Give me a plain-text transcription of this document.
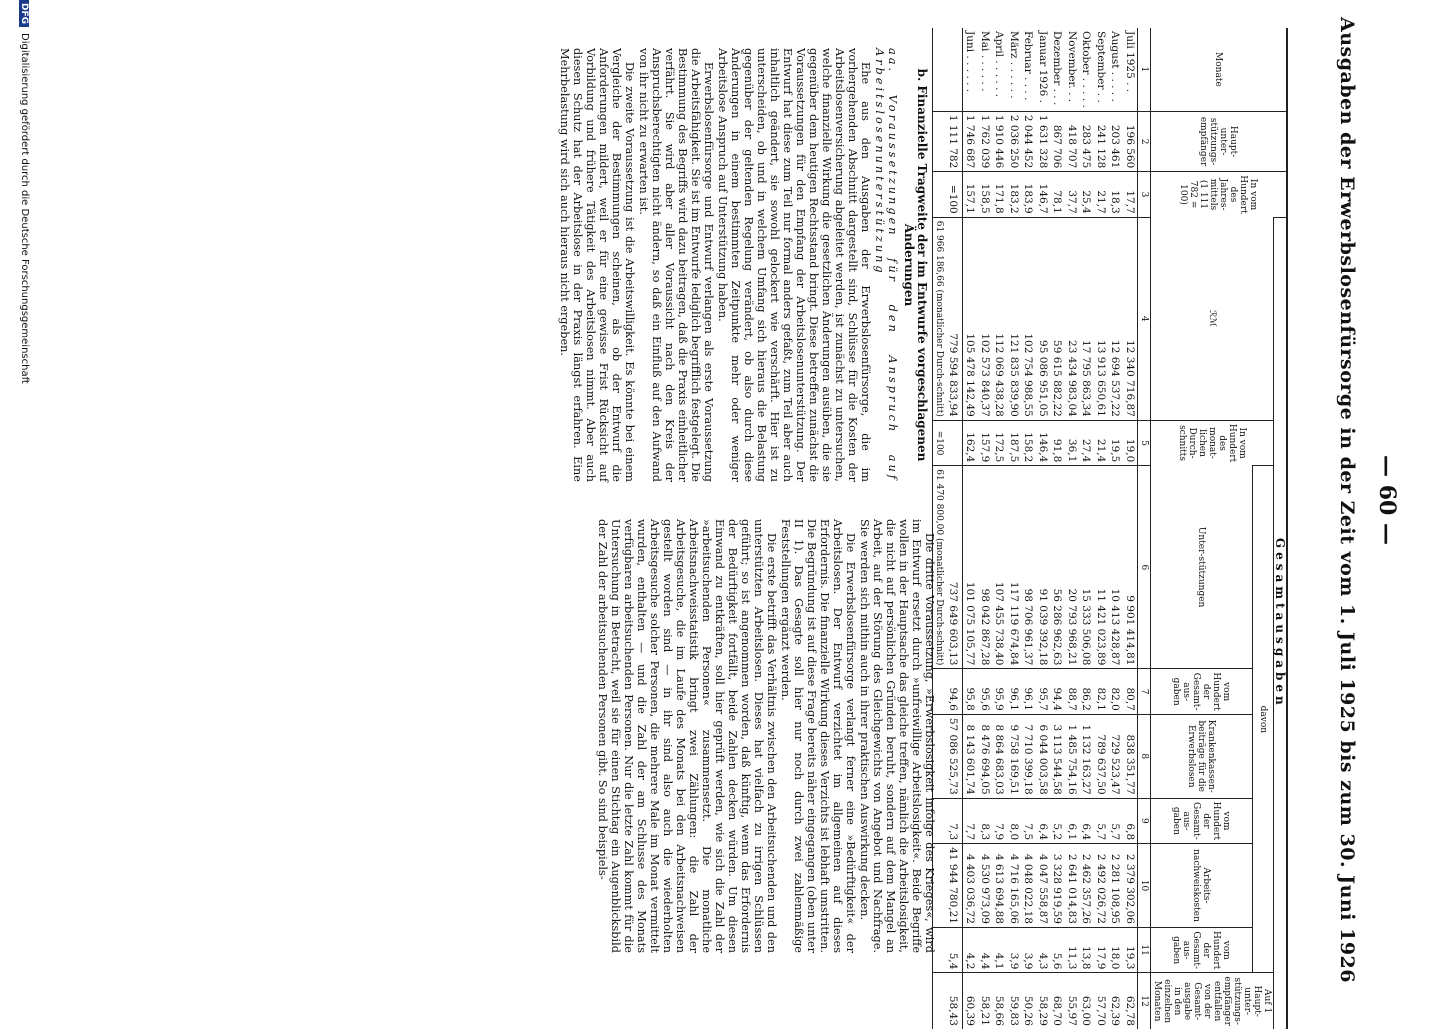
— 60 —
Ausgaben der Erwerbslosenfürsorge in der Zeit vom 1. Juli 1925 bis zum 30. Juni 1926
Monate	Haupt-unter-stützungs-empfänger	In vom Hundert des Jahres-mittels (1 111 782 = 100)	Gesamtausgaben								
			ℛℳ	In vom Hundert des monat-lichen Durch-schnitts	davon						Auf 1 Haupt-unter-stützungs-empfänger entfallen von der Gesamt-ausgabe in den einzelnen Monaten
					Unter-stützungen	vom Hundert der Gesamt-aus-gaben	Krankenkassen-beiträge für die Erwerbslosen	vom Hundert der Gesamt-aus-gaben	Arbeits-nachweiskosten	vom Hundert der Gesamt-aus-gaben	
1	2	3	4	5	6	7	8	9	10	11	12
Juli 1925 . .	196 560	17,7	12 340 716,87	19,0	9 901 414,81	80,7	838 351,77	6,8	2 379 302,06	19,3	62,78
August . . . . .	203 461	18,3	12 694 537,22	19,5	10 413 428,87	82,0	729 523,47	5,7	2 281 108,95	18,0	62,39
September . .	241 128	21,7	13 913 650,61	21,4	11 421 023,89	82,1	789 637,50	5,7	2 492 026,72	17,9	57,70
Oktober . . . . .	283 475	25,4	17 795 863,34	27,4	15 333 506,08	86,2	1 132 163,27	6,4	2 462 357,26	13,8	63,00
November. . .	418 707	37,7	23 434 983,04	36,1	20 793 968,21	88,7	1 485 754,16	6,1	2 641 014,83	11,3	55,97
Dezember . . .	867 706	78,1	59 615 882,22	91,8	56 286 962,63	94,4	3 113 544,58	5,2	3 328 919,59	5,6	68,70
Januar 1926 .	1 631 328	146,7	95 086 951,05	146,4	91 039 392,18	95,7	6 044 003,58	6,4	4 047 558,87	4,3	58,29
Februar . . . .	2 044 452	183,9	102 754 988,55	158,2	98 706 961,37	96,1	7 710 399,18	7,5	4 048 022,18	3,9	50,26
März . . . . . .	2 036 250	183,2	121 835 839,90	187,5	117 119 674,84	96,1	9 758 169,51	8,0	4 716 165,06	3,9	59,83
April . . . . . .	1 910 446	171,8	112 069 438,28	172,5	107 455 738,40	95,9	8 864 683,03	7,9	4 613 694,88	4,1	58,66
Mai . . . . . .	1 762 039	158,5	102 573 840,37	157,9	98 042 867,28	95,6	8 476 694,05	8,3	4 530 973,09	4,4	58,21
Juni . . . . . .	1 746 687	157,1	105 478 142,49	162,4	101 075 105,77	95,8	8 143 601,74	7,7	4 403 036,72	4,2	60,39
	1 111 782	=100	779 594 833,94		737 649 603,13	94,6	57 086 525,73	7,3	41 944 780,21	5,4	58,43
			61 966 186,66 (monatlicher Durch-schnitt)	=100	61 470 800,00 (monatlicher Durch-schnitt)						
b. Finanzielle Tragweite der im Entwurfe vorgeschlagenen Änderungen

aa. Voraussetzungen für den Anspruch auf Arbeitslosenunterstützung

Ehe aus den Ausgaben der Erwerbslosenfürsorge, die im vorhergehenden Abschnitt dargestellt sind, Schlüsse für die Kosten der Arbeitslosenversicherung abgeleitet werden, ist zunächst zu untersuchen, welche finanzielle Wirkung die gesetzlichen Änderungen ausüben, die sie gegenüber dem heutigen Rechtsstand bringt. Diese betreffen zunächst die Voraussetzungen für den Empfang der Arbeitslosenunterstützung. Der Entwurf hat diese zum Teil nur formal anders gefaßt, zum Teil aber auch inhaltlich geändert, sie sowohl gelockert wie verschärft. Hier ist zu unterscheiden, ob und in welchem Umfang sich hieraus die Belastung gegenüber der geltenden Regelung verändert, ob also durch diese Änderungen in einem bestimmten Zeitpunkte mehr oder weniger Arbeitslose Anspruch auf Unterstützung haben.

Erwerbslosenfürsorge und Entwurf verlangen als erste Voraussetzung die Arbeitsfähigkeit. Sie ist im Entwurfe lediglich begrifflich festgelegt. Die Bestimmung des Begriffs wird dazu beitragen, daß die Praxis einheitlicher verfährt. Sie wird aber aller Voraussicht nach den Kreis der Anspruchsberechtigten nicht ändern, so daß ein Einfluß auf den Aufwand von ihr nicht zu erwarten ist.

Die zweite Voraussetzung ist die Arbeitswilligkeit. Es könnte bei einem Vergleiche der Bestimmungen scheinen, als ob der Entwurf die Anforderungen mildert, weil er für eine gewisse Frist Rücksicht auf Vorbildung und frühere Tätigkeit des Arbeitslosen nimmt. Aber auch diesen Schutz hat der Arbeitslose in der Praxis längst erfahren. Eine Mehrbelastung wird sich auch hieraus nicht ergeben.

Die dritte Voraussetzung, »Erwerbslosigkeit infolge des Krieges«, wird im Entwurf ersetzt durch »unfreiwillige Arbeitslosigkeit«. Beide Begriffe wollen in der Hauptsache das gleiche treffen, nämlich die Arbeitslosigkeit, die nicht auf persönlichen Gründen beruht, sondern auf dem Mangel an Arbeit, auf der Störung des Gleichgewichts von Angebot und Nachfrage. Sie werden sich mithin auch in ihrer praktischen Auswirkung decken.

Die Erwerbslosenfürsorge verlangt ferner eine »Bedürftigkeit« der Arbeitslosen. Der Entwurf verzichtet im allgemeinen auf dieses Erfordernis. Die finanzielle Wirkung dieses Verzichts ist lebhaft umstritten. Die Begründung ist auf diese Frage bereits näher eingegangen (oben unter II 1). Das Gesagte soll hier nur noch durch zwei zahlenmäßige Feststellungen ergänzt werden.

Die erste betrifft das Verhältnis zwischen den Arbeitsuchenden und den unterstützten Arbeitslosen. Dieses hat vielfach zu irrigen Schlüssen geführt; so ist angenommen worden, daß künftig, wenn das Erfordernis der Bedürftigkeit fortfällt, beide Zahlen decken würden. Um diesen Einwand zu entkräften, soll hier geprüft werden, wie sich die Zahl der »arbeitsuchenden Personen« zusammensetzt. Die monatliche Arbeitsnachweisstatistik bringt zwei Zählungen: die Zahl der Arbeitsgesuche, die im Laufe des Monats bei den Arbeitsnachweisen gestellt worden sind — in ihr sind also auch die wiederholten Arbeitsgesuche solcher Personen, die mehrere Male im Monat vermittelt wurden, enthalten — und die Zahl der am Schlusse des Monats verfügbaren arbeitsuchenden Personen. Nur die letzte Zahl kommt für die Untersuchung in Betracht, weil sie für einen Stichtag ein Augenblicksbild der Zahl der arbeitsuchenden Personen gibt. So sind beispiels-

DFGDigitalisierung gefördert durch die Deutsche Forschungsgemeinschaft
